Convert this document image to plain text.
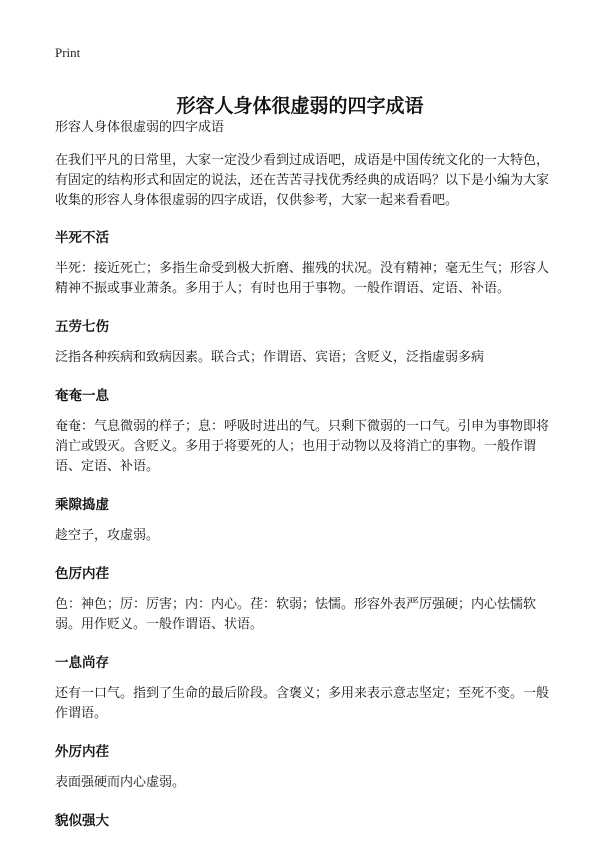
Print
形容人身体很虚弱的四字成语

形容人身体很虚弱的四字成语

在我们平凡的日常里，大家一定没少看到过成语吧，成语是中国传统文化的一大特色，有固定的结构形式和固定的说法，还在苦苦寻找优秀经典的成语吗？以下是小编为大家收集的形容人身体很虚弱的四字成语，仅供参考，大家一起来看看吧。

半死不活

半死：接近死亡；多指生命受到极大折磨、摧残的状况。没有精神；毫无生气；形容人精神不振或事业萧条。多用于人；有时也用于事物。一般作谓语、定语、补语。

五劳七伤

泛指各种疾病和致病因素。联合式；作谓语、宾语；含贬义，泛指虚弱多病

奄奄一息

奄奄：气息微弱的样子；息：呼吸时进出的气。只剩下微弱的一口气。引申为事物即将消亡或毁灭。含贬义。多用于将要死的人；也用于动物以及将消亡的事物。一般作谓语、定语、补语。

乘隙捣虚

趁空子，攻虚弱。

色厉内荏

色：神色；厉：厉害；内：内心。荏：软弱；怯懦。形容外表严厉强硬；内心怯懦软弱。用作贬义。一般作谓语、状语。

一息尚存

还有一口气。指到了生命的最后阶段。含褒义；多用来表示意志坚定；至死不变。一般作谓语。

外厉内荏

表面强硬而内心虚弱。

貌似强大
